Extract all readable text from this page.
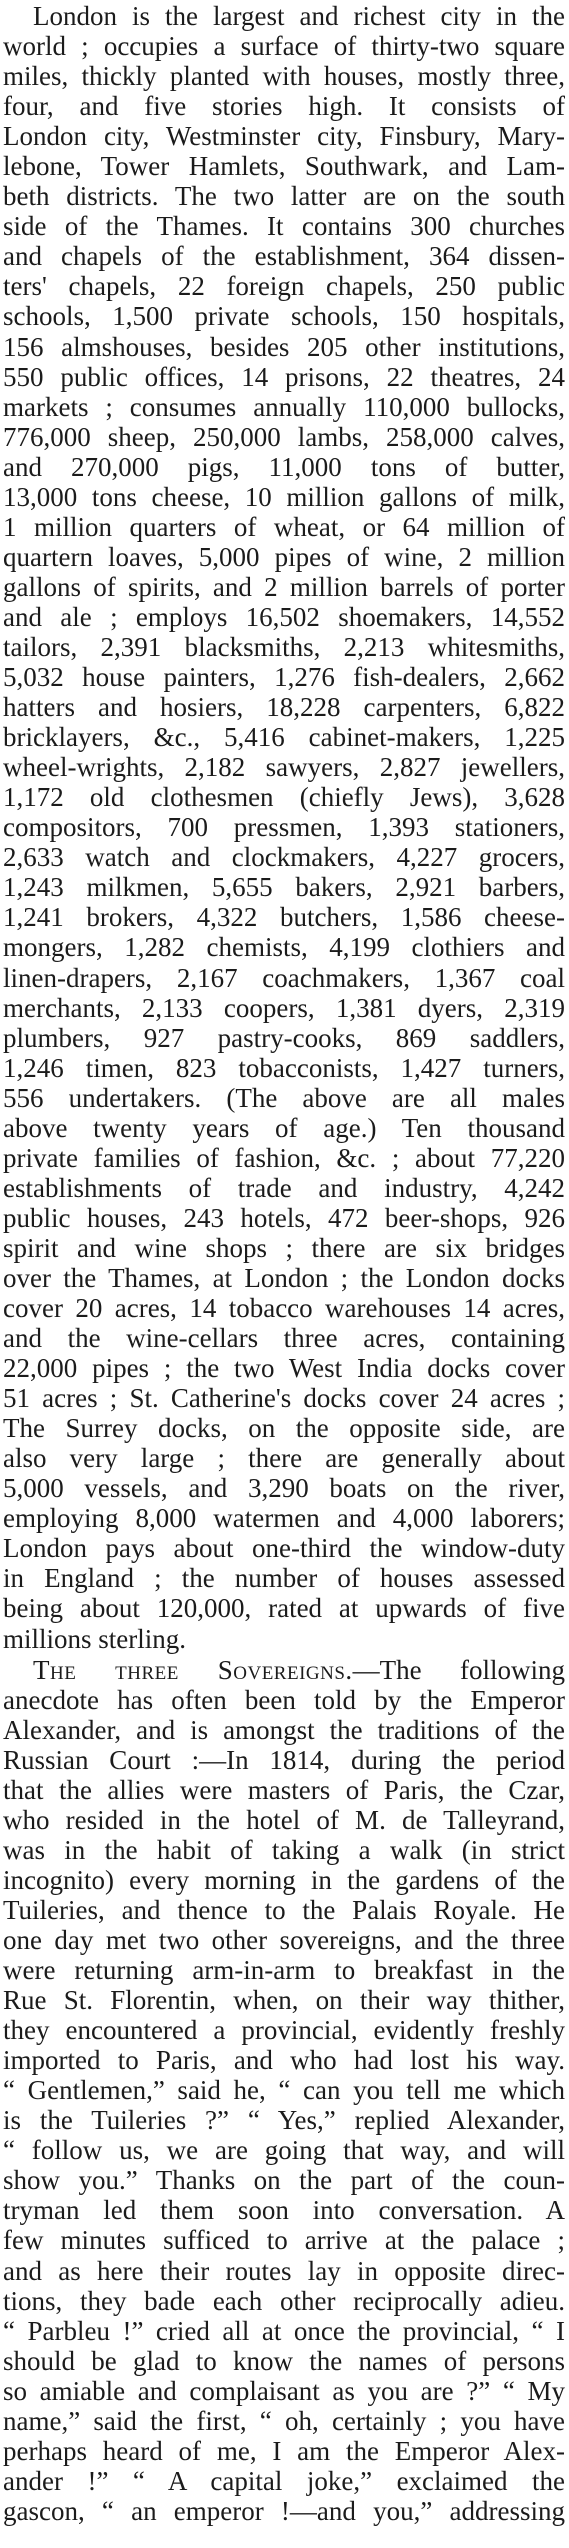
London is the largest and richest city in the
world ; occupies a surface of thirty-two square
miles, thickly planted with houses, mostly three,
four, and five stories high. It consists of
London city, Westminster city, Finsbury, Mary-
lebone, Tower Hamlets, Southwark, and Lam-
beth districts. The two latter are on the south
side of the Thames. It contains 300 churches
and chapels of the establishment, 364 dissen-
ters' chapels, 22 foreign chapels, 250 public
schools, 1,500 private schools, 150 hospitals,
156 almshouses, besides 205 other institutions,
550 public offices, 14 prisons, 22 theatres, 24
markets ; consumes annually 110,000 bullocks,
776,000 sheep, 250,000 lambs, 258,000 calves,
and 270,000 pigs, 11,000 tons of butter,
13,000 tons cheese, 10 million gallons of milk,
1 million quarters of wheat, or 64 million of
quartern loaves, 5,000 pipes of wine, 2 million
gallons of spirits, and 2 million barrels of porter
and ale ; employs 16,502 shoemakers, 14,552
tailors, 2,391 blacksmiths, 2,213 whitesmiths,
5,032 house painters, 1,276 fish-dealers, 2,662
hatters and hosiers, 18,228 carpenters, 6,822
bricklayers, &c., 5,416 cabinet-makers, 1,225
wheel-wrights, 2,182 sawyers, 2,827 jewellers,
1,172 old clothesmen (chiefly Jews), 3,628
compositors, 700 pressmen, 1,393 stationers,
2,633 watch and clockmakers, 4,227 grocers,
1,243 milkmen, 5,655 bakers, 2,921 barbers,
1,241 brokers, 4,322 butchers, 1,586 cheese-
mongers, 1,282 chemists, 4,199 clothiers and
linen-drapers, 2,167 coachmakers, 1,367 coal
merchants, 2,133 coopers, 1,381 dyers, 2,319
plumbers, 927 pastry-cooks, 869 saddlers,
1,246 timen, 823 tobacconists, 1,427 turners,
556 undertakers. (The above are all males
above twenty years of age.) Ten thousand
private families of fashion, &c. ; about 77,220
establishments of trade and industry, 4,242
public houses, 243 hotels, 472 beer-shops, 926
spirit and wine shops ; there are six bridges
over the Thames, at London ; the London docks
cover 20 acres, 14 tobacco warehouses 14 acres,
and the wine-cellars three acres, containing
22,000 pipes ; the two West India docks cover
51 acres ; St. Catherine's docks cover 24 acres ;
The Surrey docks, on the opposite side, are
also very large ; there are generally about
5,000 vessels, and 3,290 boats on the river,
employing 8,000 watermen and 4,000 laborers;
London pays about one-third the window-duty
in England ; the number of houses assessed
being about 120,000, rated at upwards of five
millions sterling.
The three Sovereigns.—The following
anecdote has often been told by the Emperor
Alexander, and is amongst the traditions of the
Russian Court :—In 1814, during the period
that the allies were masters of Paris, the Czar,
who resided in the hotel of M. de Talleyrand,
was in the habit of taking a walk (in strict
incognito) every morning in the gardens of the
Tuileries, and thence to the Palais Royale. He
one day met two other sovereigns, and the three
were returning arm-in-arm to breakfast in the
Rue St. Florentin, when, on their way thither,
they encountered a provincial, evidently freshly
imported to Paris, and who had lost his way.
“ Gentlemen,” said he, “ can you tell me which
is the Tuileries ?” “ Yes,” replied Alexander,
“ follow us, we are going that way, and will
show you.” Thanks on the part of the coun-
tryman led them soon into conversation. A
few minutes sufficed to arrive at the palace ;
and as here their routes lay in opposite direc-
tions, they bade each other reciprocally adieu.
“ Parbleu !” cried all at once the provincial, “ I
should be glad to know the names of persons
so amiable and complaisant as you are ?” “ My
name,” said the first, “ oh, certainly ; you have
perhaps heard of me, I am the Emperor Alex-
ander !” “ A capital joke,” exclaimed the
gascon, “ an emperor !—and you,” addressing
